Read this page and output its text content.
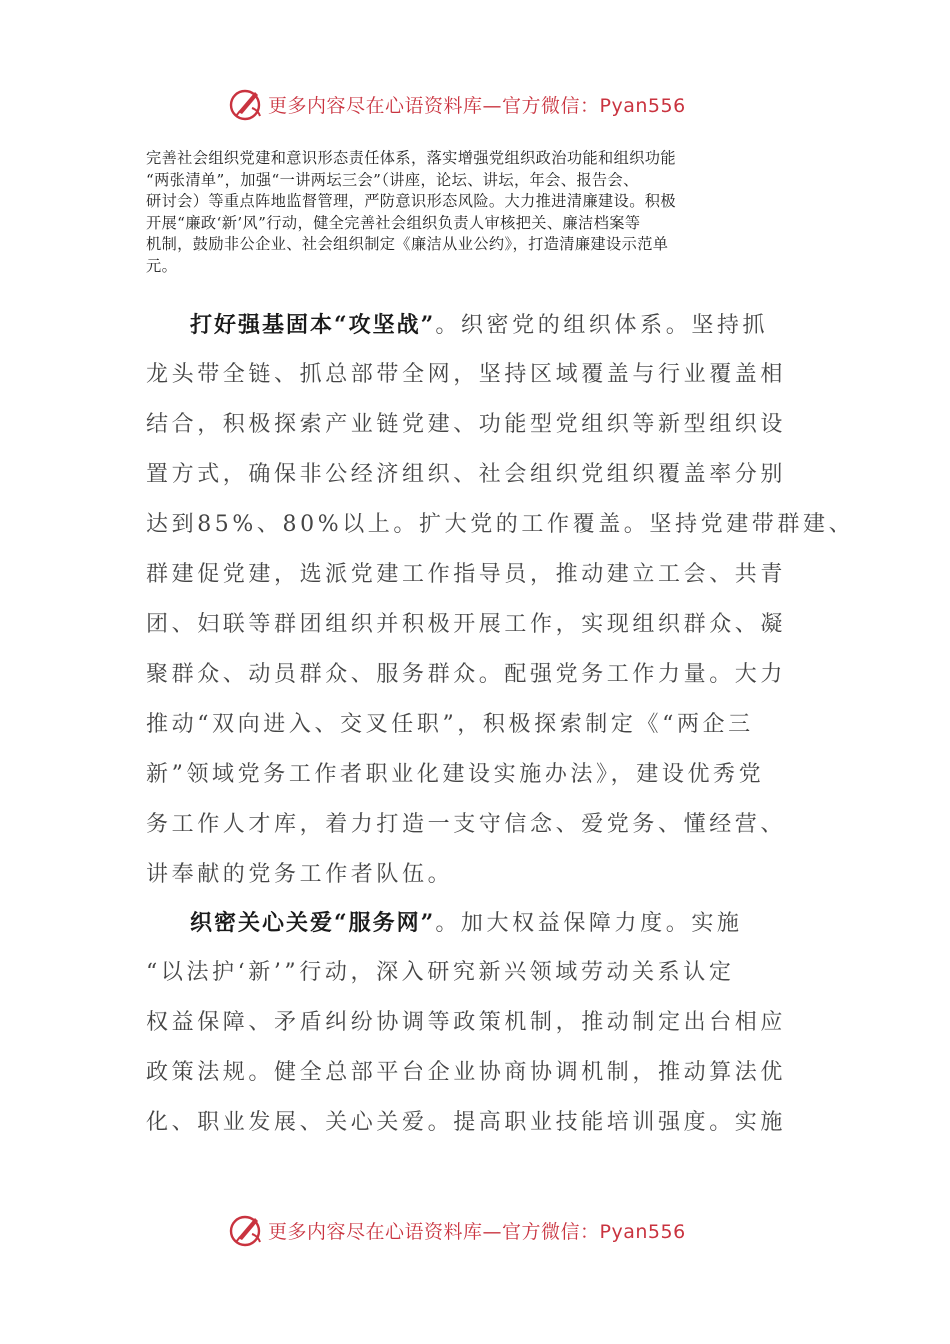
更多内容尽在心语资料库—官方微信：Pyan556
完善社会组织党建和意识形态责任体系，落实增强党组织政治功能和组织功能
“两张清单”，加强“一讲两坛三会”（讲座，论坛、讲坛，年会、报告会、
研讨会）等重点阵地监督管理，严防意识形态风险。大力推进清廉建设。积极
开展“廉政‘新’风”行动，健全完善社会组织负责人审核把关、廉洁档案等
机制，鼓励非公企业、社会组织制定《廉洁从业公约》，打造清廉建设示范单
元。
打好强基固本“攻坚战”。织密党的组织体系。坚持抓
龙头带全链、抓总部带全网，坚持区域覆盖与行业覆盖相
结合，积极探索产业链党建、功能型党组织等新型组织设
置方式，确保非公经济组织、社会组织党组织覆盖率分别
达到85%、80%以上。扩大党的工作覆盖。坚持党建带群建、
群建促党建，选派党建工作指导员，推动建立工会、共青
团、妇联等群团组织并积极开展工作，实现组织群众、凝
聚群众、动员群众、服务群众。配强党务工作力量。大力
推动“双向进入、交叉任职”，积极探索制定《“两企三
新”领域党务工作者职业化建设实施办法》，建设优秀党
务工作人才库，着力打造一支守信念、爱党务、懂经营、
讲奉献的党务工作者队伍。
织密关心关爱“服务网”。加大权益保障力度。实施
“以法护‘新’”行动，深入研究新兴领域劳动关系认定
权益保障、矛盾纠纷协调等政策机制，推动制定出台相应
政策法规。健全总部平台企业协商协调机制，推动算法优
化、职业发展、关心关爱。提高职业技能培训强度。实施
更多内容尽在心语资料库—官方微信：Pyan556
